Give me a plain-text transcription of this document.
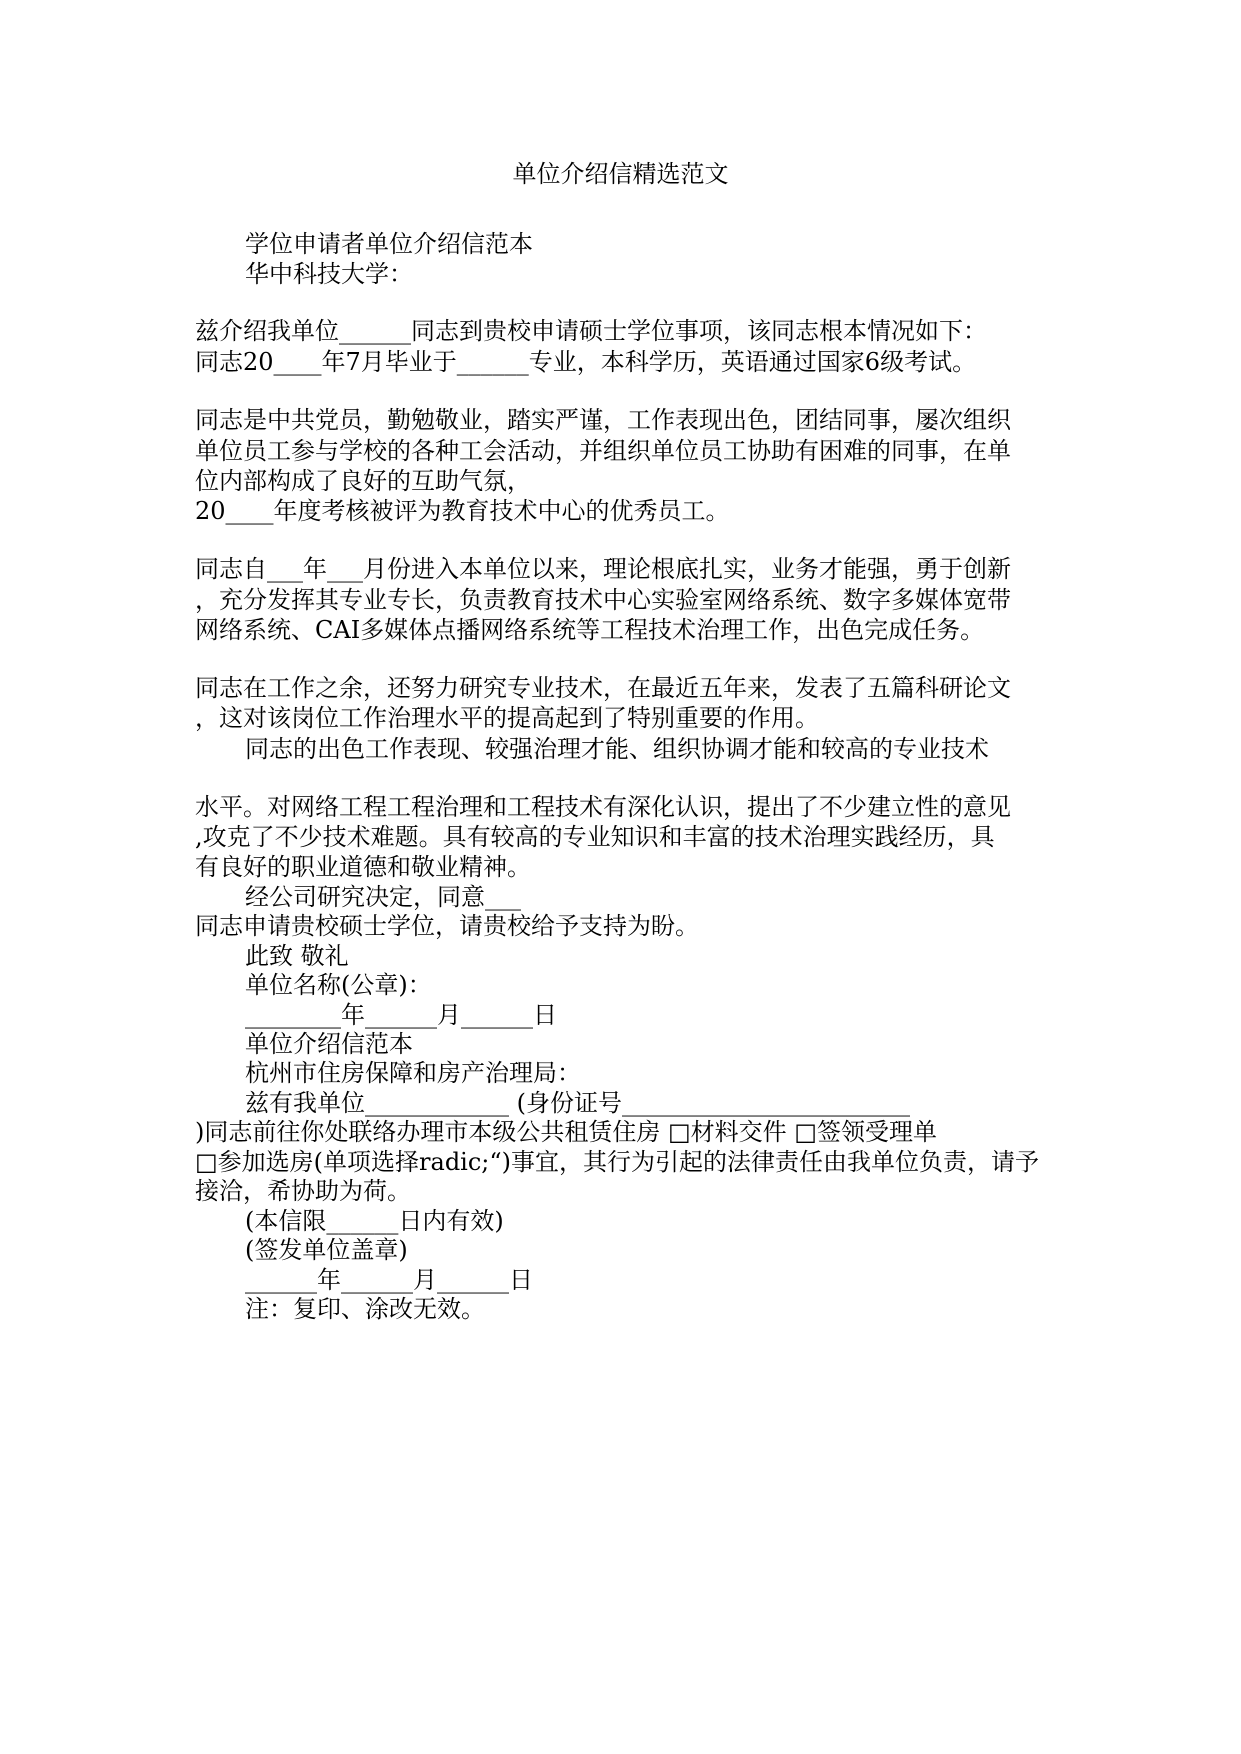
单位介绍信精选范文

学位申请者单位介绍信范本

华中科技大学：

兹介绍我单位______同志到贵校申请硕士学位事项，该同志根本情况如下：

同志20____年7月毕业于______专业，本科学历，英语通过国家6级考试。

同志是中共党员，勤勉敬业，踏实严谨，工作表现出色，团结同事，屡次组织

单位员工参与学校的各种工会活动，并组织单位员工协助有困难的同事，在单

位内部构成了良好的互助气氛，

20____年度考核被评为教育技术中心的优秀员工。

同志自___年___月份进入本单位以来，理论根底扎实，业务才能强，勇于创新

，充分发挥其专业专长，负责教育技术中心实验室网络系统、数字多媒体宽带

网络系统、CAI多媒体点播网络系统等工程技术治理工作，出色完成任务。

同志在工作之余，还努力研究专业技术，在最近五年来，发表了五篇科研论文

，这对该岗位工作治理水平的提高起到了特别重要的作用。

同志的出色工作表现、较强治理才能、组织协调才能和较高的专业技术

水平。对网络工程工程治理和工程技术有深化认识，提出了不少建立性的意见

,攻克了不少技术难题。具有较高的专业知识和丰富的技术治理实践经历，具

有良好的职业道德和敬业精神。

经公司研究决定，同意___

同志申请贵校硕士学位，请贵校给予支持为盼。

此致 敬礼

单位名称(公章)：

________年______月______日

单位介绍信范本

杭州市住房保障和房产治理局：

兹有我单位____________ (身份证号________________________

)同志前往你处联络办理市本级公共租赁住房 □材料交件 □签领受理单

□参加选房(单项选择radic;“)事宜，其行为引起的法律责任由我单位负责，请予

接洽，希协助为荷。

(本信限______日内有效)

(签发单位盖章)

______年______月______日

注：复印、涂改无效。
